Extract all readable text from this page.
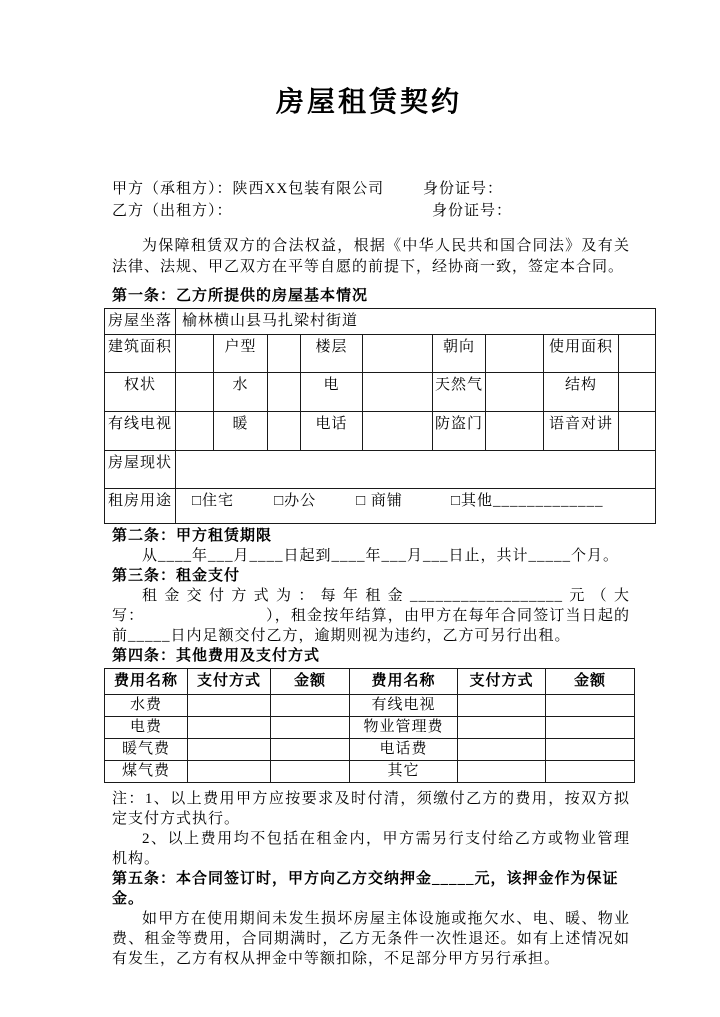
房屋租赁契约
甲方（承租方）：陕西XX包装有限公司	身份证号：
乙方（出租方）：	身份证号：

为保障租赁双方的合法权益，根据《中华人民共和国合同法》及有关法律、法规、甲乙双方在平等自愿的前提下，经协商一致，签定本合同。

第一条：乙方所提供的房屋基本情况
房屋坐落	榆林横山县马扎梁村街道								
建筑面积		户型		楼层		朝向		使用面积	
权状		水		电		天然气		结构	
有线电视		暖		电话		防盗门		语音对讲	
房屋现状									
租房用途	□住宅 □办公 □ 商铺 □其他_____________								
第二条：甲方租赁期限

从____年___月____日起到____年___月___日止，共计_____个月。

第三条：租金支付

租金交付方式为：每年租金__________________元（大写：　　　　　　　　），租金按年结算，由甲方在每年合同签订当日起的前_____日内足额交付乙方，逾期则视为违约，乙方可另行出租。

第四条：其他费用及支付方式
费用名称	支付方式	金额	费用名称	支付方式	金额
水费			有线电视		
电费			物业管理费		
暖气费			电话费		
煤气费			其它		

注：1、以上费用甲方应按要求及时付清，须缴付乙方的费用，按双方拟定支付方式执行。

2、以上费用均不包括在租金内，甲方需另行支付给乙方或物业管理机构。

第五条：本合同签订时，甲方向乙方交纳押金_____元，该押金作为保证金。

如甲方在使用期间未发生损坏房屋主体设施或拖欠水、电、暖、物业费、租金等费用，合同期满时，乙方无条件一次性退还。如有上述情况如有发生，乙方有权从押金中等额扣除，不足部分甲方另行承担。
